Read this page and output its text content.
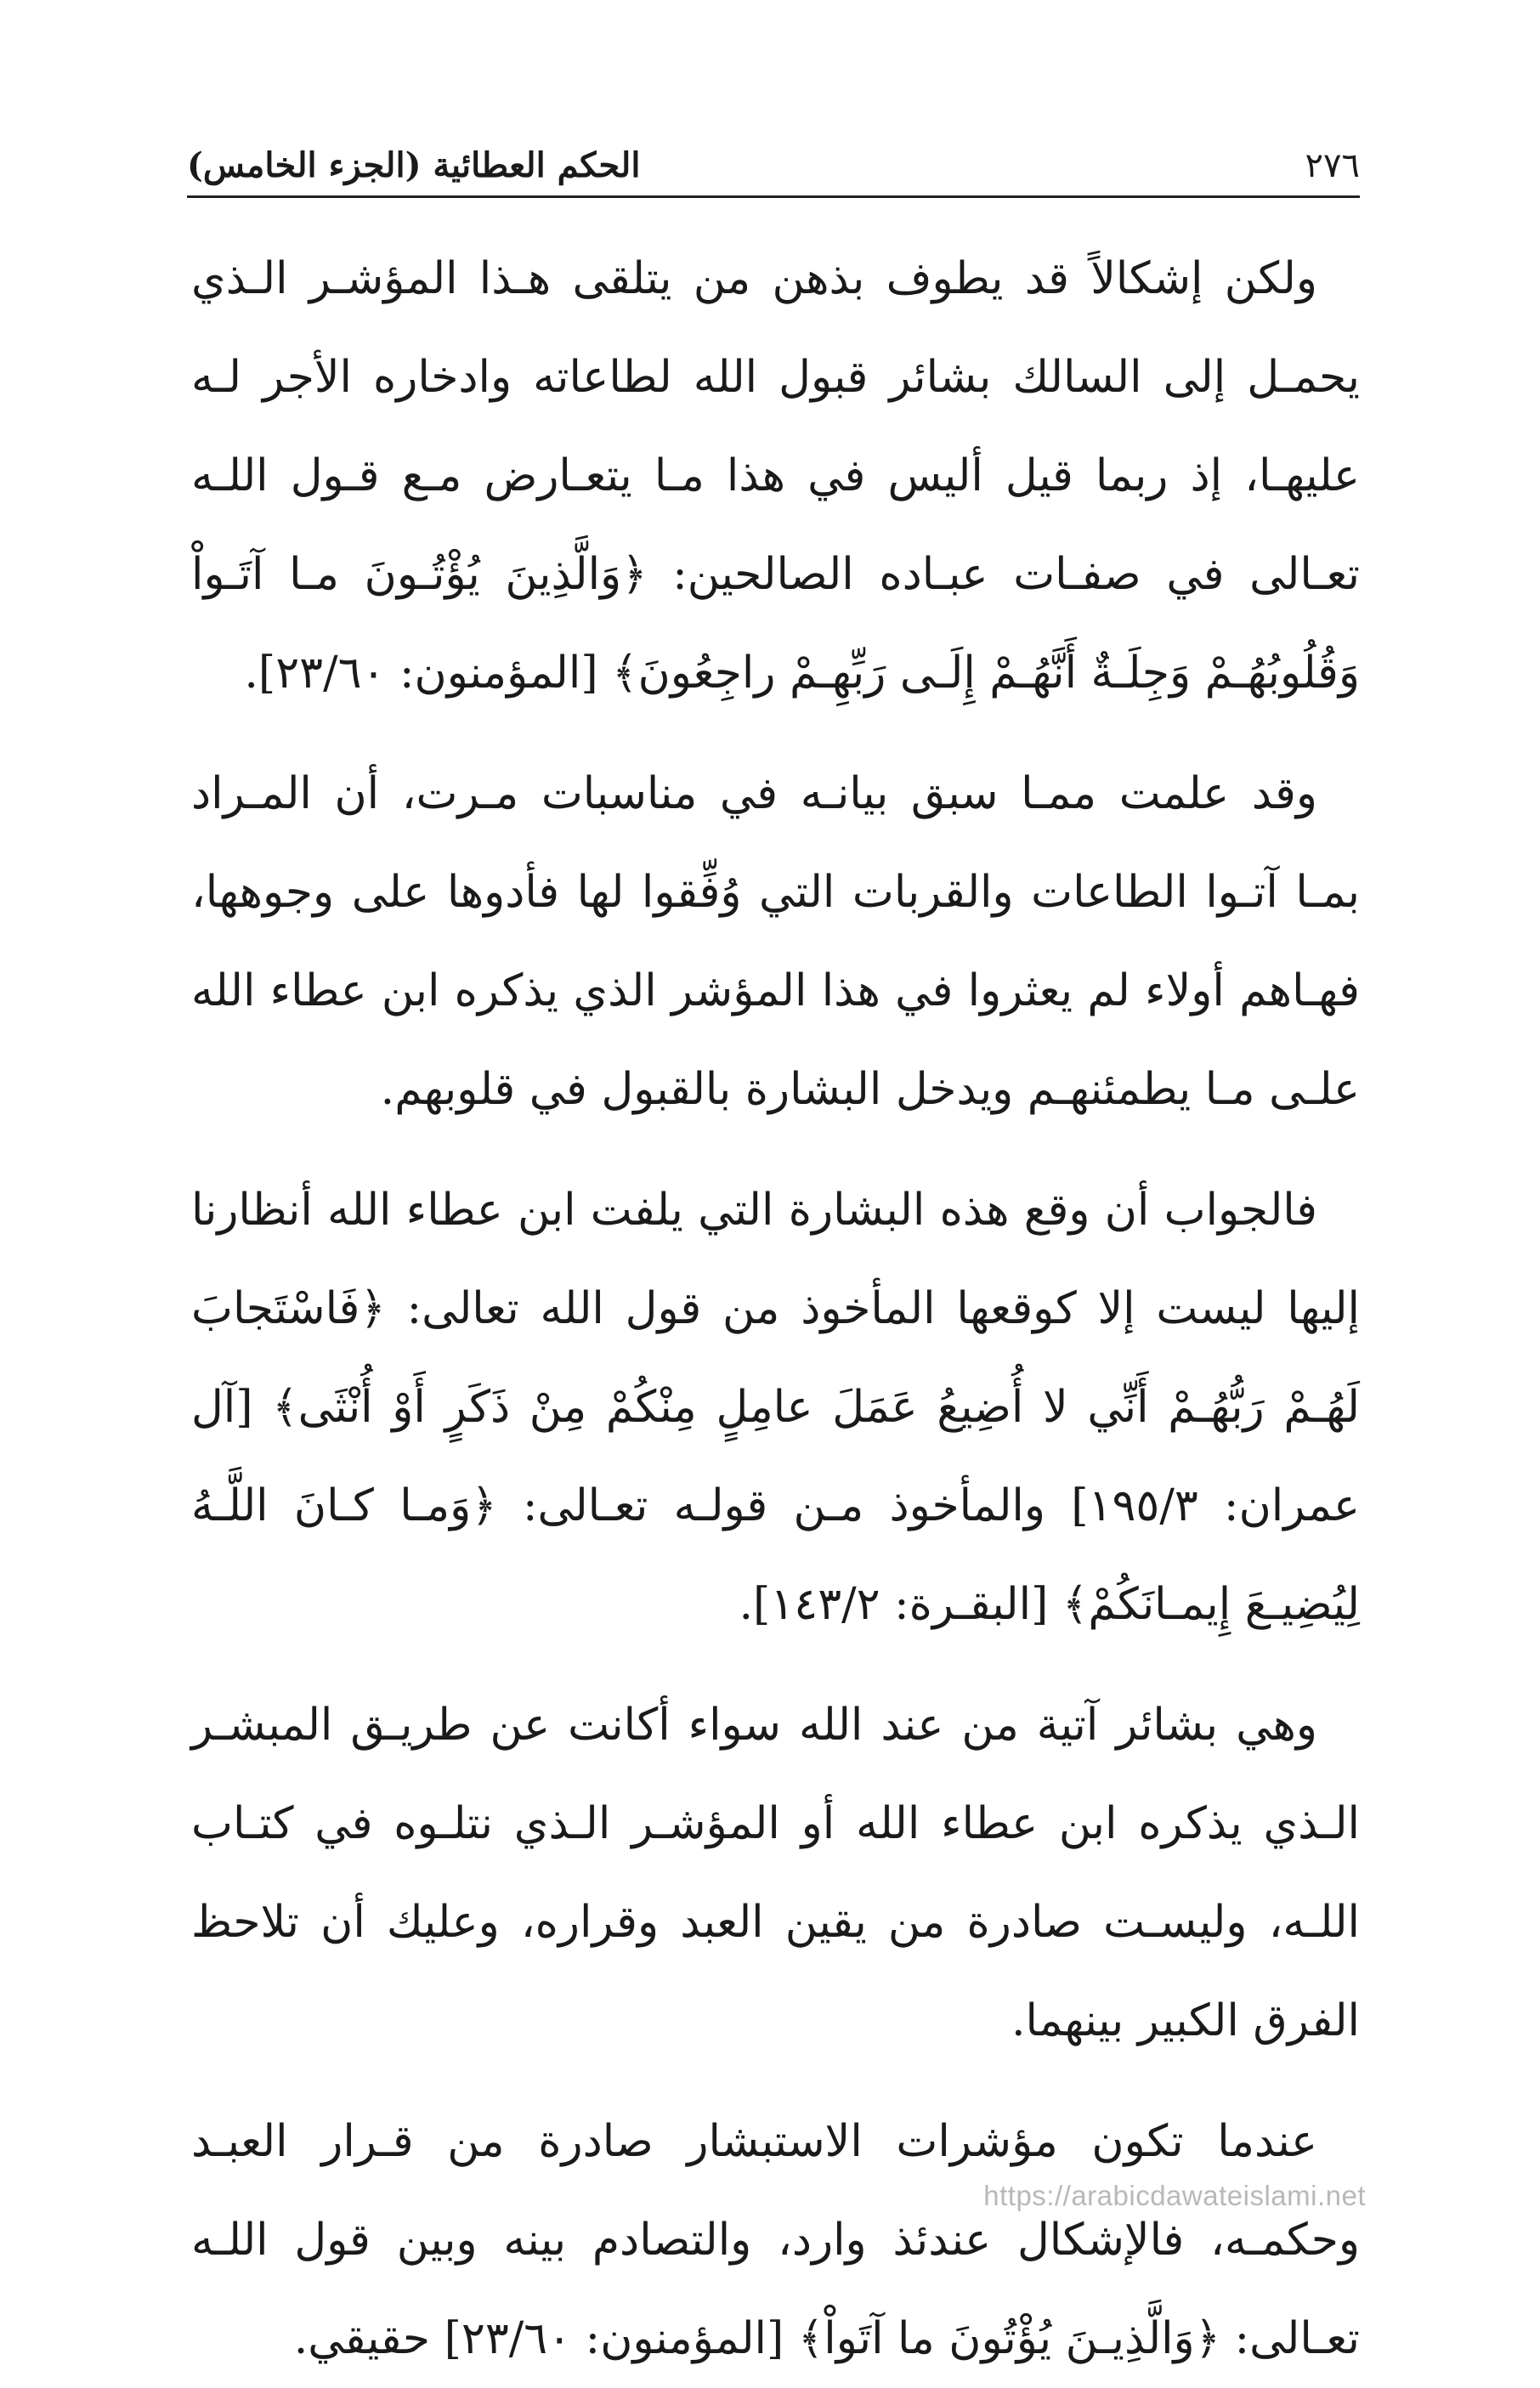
الحكم العطائية (الجزء الخامس)	٢٧٦

ولكن إشكالاً قد يطوف بذهن من يتلقى هـذا المؤشـر الـذي يحمـل إلى السالك بشائر قبول الله لطاعاته وادخاره الأجر لـه عليهـا، إذ ربما قيل أليس في هذا مـا يتعـارض مـع قـول اللـه تعـالى في صفـات عبـاده الصالحين: ﴿وَالَّذِينَ يُؤْتُـونَ مـا آتَـواْ وَقُلُوبُهُـمْ وَجِلَـةٌ أَنَّهُـمْ إِلَـى رَبِّهِـمْ راجِعُونَ﴾ [المؤمنون: ٢٣/٦٠].

وقد علمت ممـا سبق بيانـه في مناسبات مـرت، أن المـراد بمـا آتـوا الطاعات والقربات التي وُفِّقوا لها فأدوها على وجوهها، فهـاهم أولاء لم يعثروا في هذا المؤشر الذي يذكره ابن عطاء الله علـى مـا يطمئنهـم ويدخل البشارة بالقبول في قلوبهم.

فالجواب أن وقع هذه البشارة التي يلفت ابن عطاء الله أنظارنا إليها ليست إلا كوقعها المأخوذ من قول الله تعالى: ﴿فَاسْتَجابَ لَهُـمْ رَبُّهُـمْ أَنِّي لا أُضِيعُ عَمَلَ عامِلٍ مِنْكُمْ مِنْ ذَكَرٍ أَوْ أُنْثَى﴾ [آل عمران: ١٩٥/٣] والمأخوذ مـن قولـه تعـالى: ﴿وَمـا كـانَ اللَّـهُ لِيُضِيـعَ إِيمـانَكُمْ﴾ [البقـرة: ١٤٣/٢].

وهي بشائر آتية من عند الله سواء أكانت عن طريـق المبشـر الـذي يذكره ابن عطاء الله أو المؤشـر الـذي نتلـوه في كتـاب اللـه، وليسـت صادرة من يقين العبد وقراره، وعليك أن تلاحظ الفرق الكبير بينهما.

عندما تكون مؤشرات الاستبشار صادرة من قـرار العبـد وحكمـه، فالإشكال عندئذ وارد، والتصادم بينه وبين قول اللـه تعـالى: ﴿وَالَّذِيـنَ يُؤْتُونَ ما آتَواْ﴾ [المؤمنون: ٢٣/٦٠] حقيقي.

https://arabicdawateislami.net
